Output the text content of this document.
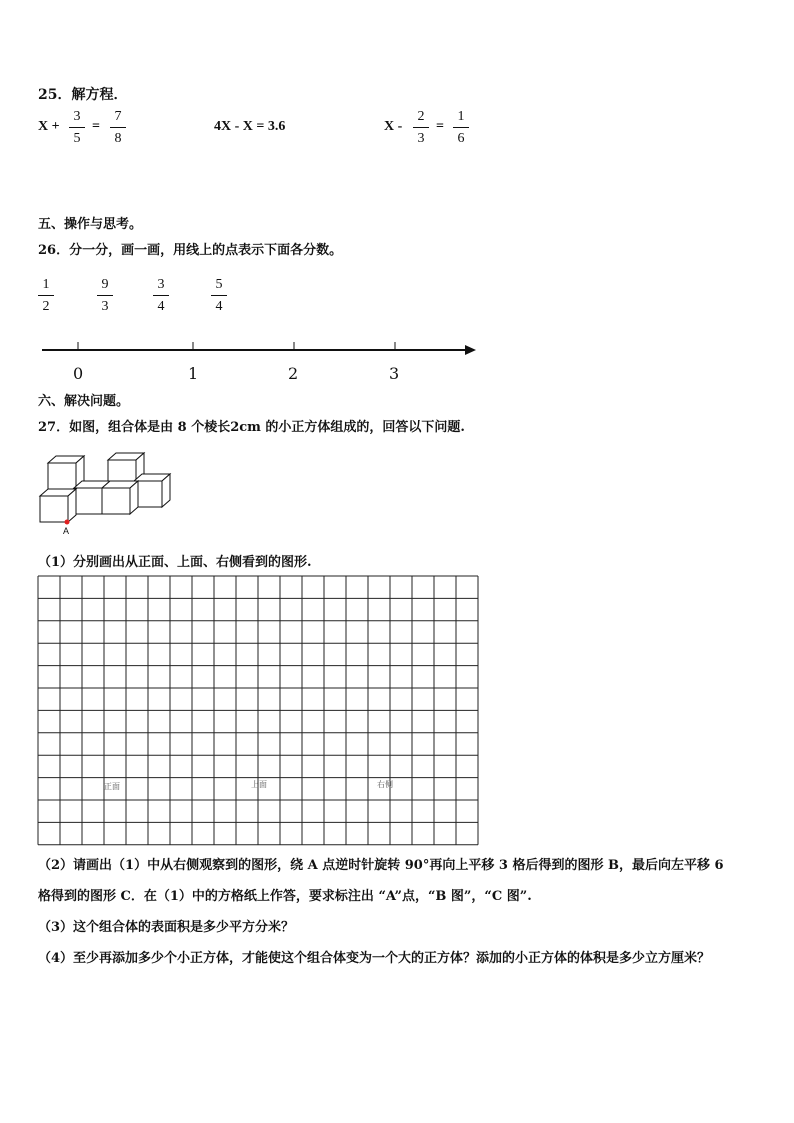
25．解方程．
X +
3
5
=
7
8
4X - X = 3.6	X -
2
3
=
1
6
五、操作与思考。
26．分一分，画一画，用线上的点表示下面各分数。
1
2
9
3
3
4
5
4
0	1	2	3
六、解决问题。
27．如图，组合体是由 8 个棱长2cm 的小正方体组成的，回答以下问题.
A
（1）分别画出从正面、上面、右侧看到的图形.
正面	上面	右侧
（2）请画出（1）中从右侧观察到的图形，绕 A 点逆时针旋转 90°再向上平移 3 格后得到的图形 B，最后向左平移 6
格得到的图形 C．在（1）中的方格纸上作答，要求标注出 “A”点，“B 图”，“C 图”.
（3）这个组合体的表面积是多少平方分米？
（4）至少再添加多少个小正方体，才能使这个组合体变为一个大的正方体？添加的小正方体的体积是多少立方厘米？
